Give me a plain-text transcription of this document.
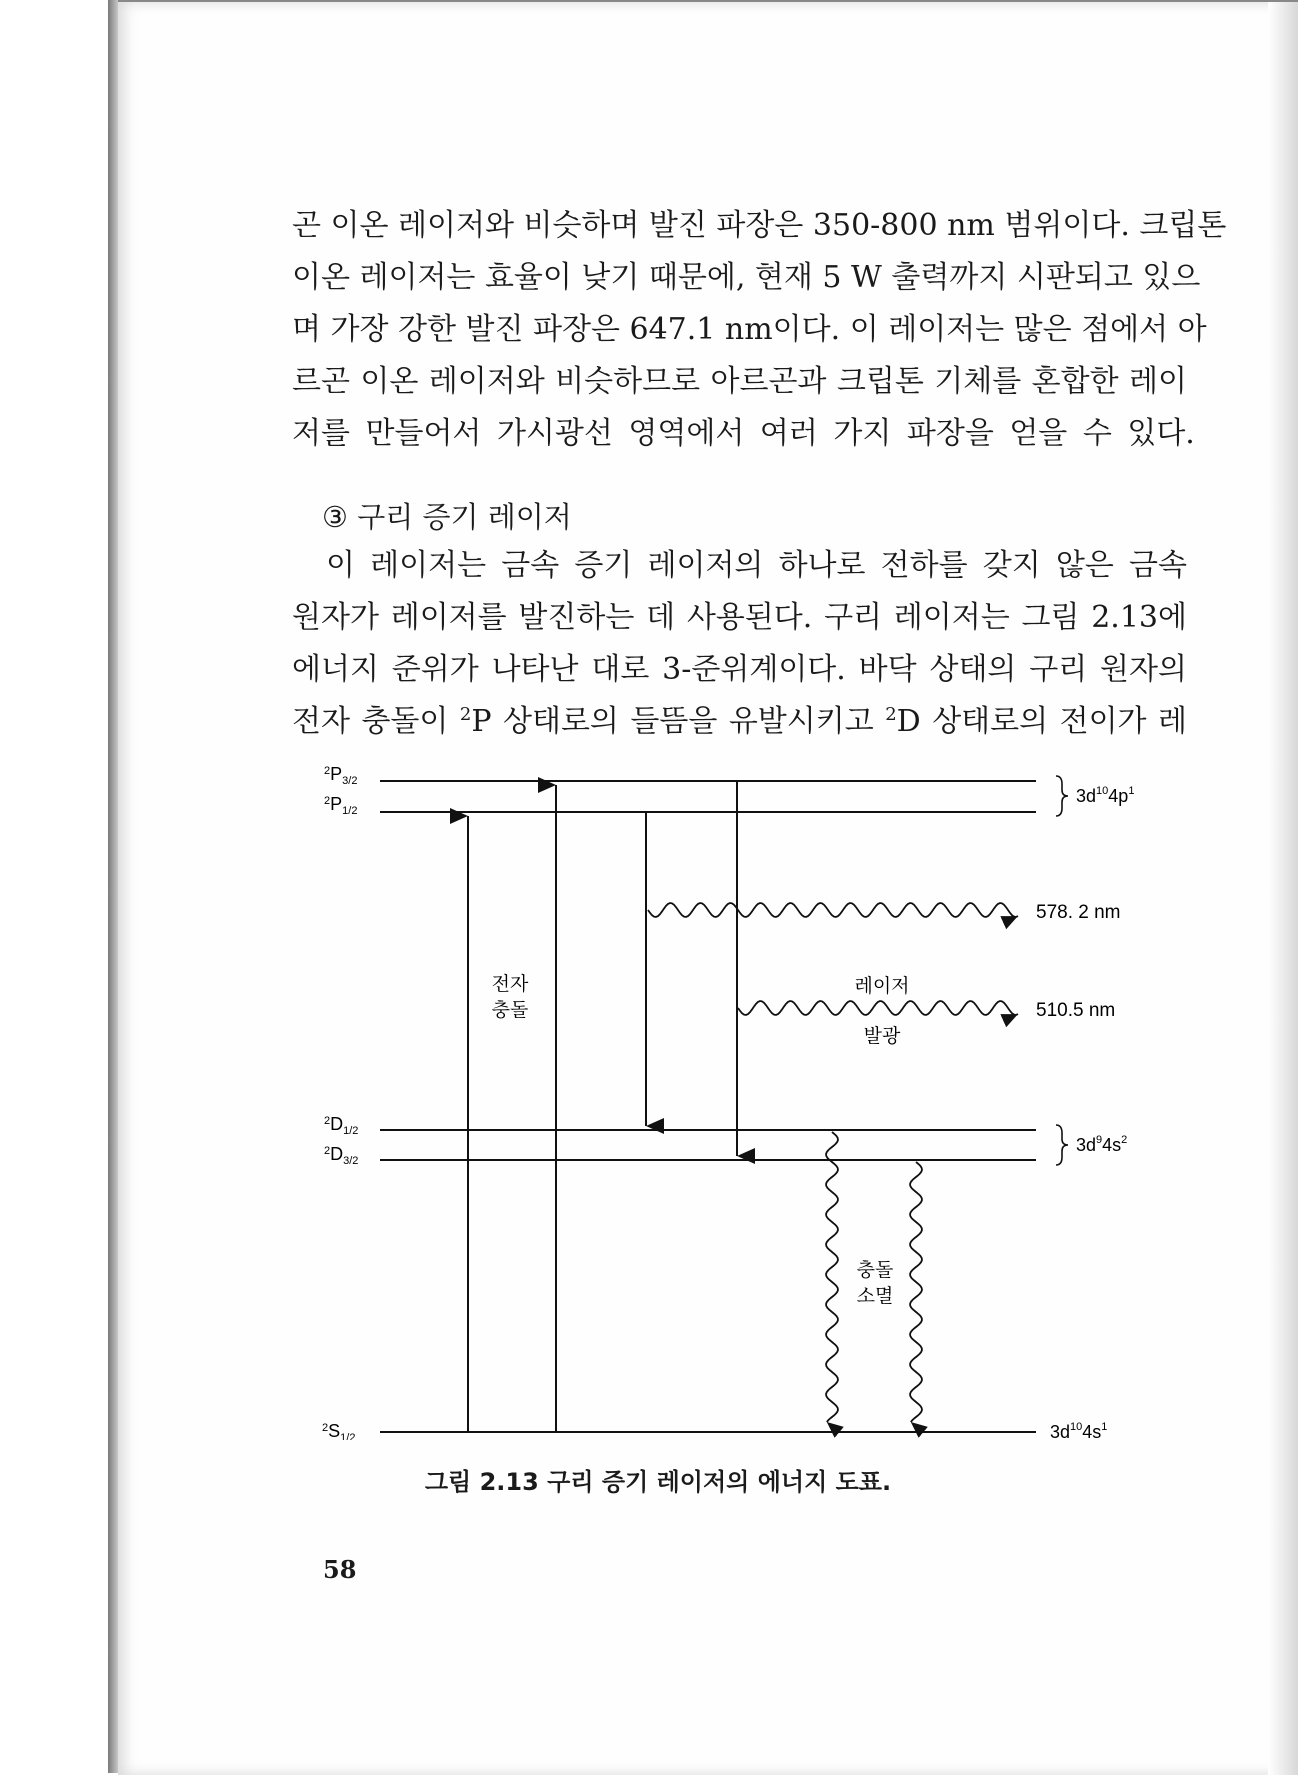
곤 이온 레이저와 비슷하며 발진 파장은 350-800 nm 범위이다. 크립톤
이온 레이저는 효율이 낮기 때문에, 현재 5 W 출력까지 시판되고 있으
며 가장 강한 발진 파장은 647.1 nm이다. 이 레이저는 많은 점에서 아
르곤 이온 레이저와 비슷하므로 아르곤과 크립톤 기체를 혼합한 레이
저를 만들어서 가시광선 영역에서 여러 가지 파장을 얻을 수 있다.
③ 구리 증기 레이저
이 레이저는 금속 증기 레이저의 하나로 전하를 갖지 않은 금속
원자가 레이저를 발진하는 데 사용된다. 구리 레이저는 그림 2.13에
에너지 준위가 나타난 대로 3-준위계이다. 바닥 상태의 구리 원자의
전자 충돌이 $^2$P 상태로의 들뜸을 유발시키고 $^2$D 상태로의 전이가 레
$^2P_{3/2}$
$^2P_{1/2}$
$^2D_{1/2}$
$^2D_{3/2}$
$^2S_{1/2}$
$3d^{10}4p^1$
$3d^94s^2$
$3d^{10}4s^1$
578. 2 nm
510.5 nm
전자
충돌
레이저
발광
충돌
소멸
그림 2.13 구리 증기 레이저의 에너지 도표.
58
